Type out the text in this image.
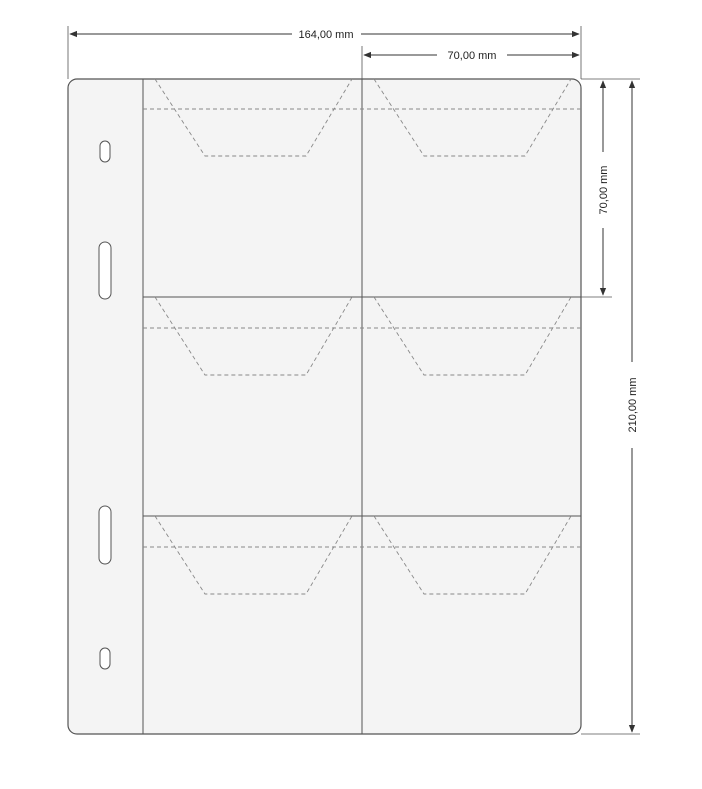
164,00 mm
70,00 mm
70,00 mm
210,00 mm
